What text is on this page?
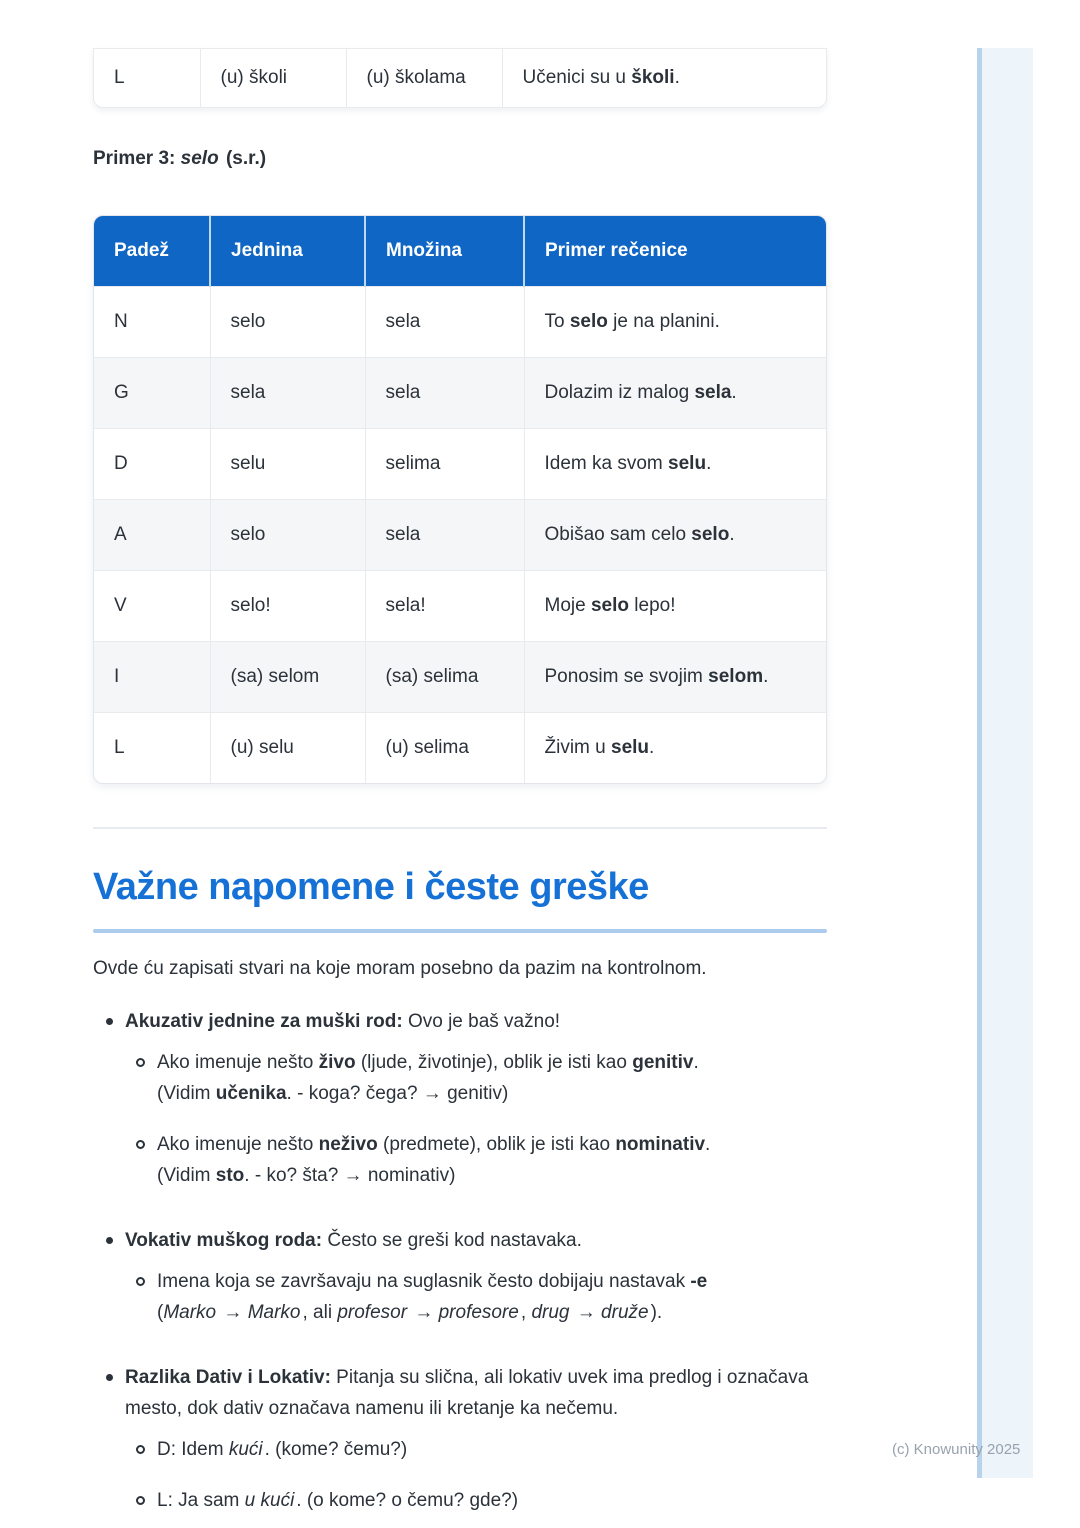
L	(u) školi	(u) školama	Učenici su u školi.
Primer 3: selo (s.r.)
Padež	Jednina	Množina	Primer rečenice
N	selo	sela	To selo je na planini.
G	sela	sela	Dolazim iz malog sela.
D	selu	selima	Idem ka svom selu.
A	selo	sela	Obišao sam celo selo.
V	selo!	sela!	Moje selo lepo!
I	(sa) selom	(sa) selima	Ponosim se svojim selom.
L	(u) selu	(u) selima	Živim u selu.
Važne napomene i česte greške
Ovde ću zapisati stvari na koje moram posebno da pazim na kontrolnom.
Akuzativ jednine za muški rod: Ovo je baš važno!
Ako imenuje nešto živo (ljude, životinje), oblik je isti kao genitiv.
(Vidim učenika. - koga? čega? → genitiv)
Ako imenuje nešto neživo (predmete), oblik je isti kao nominativ.
(Vidim sto. - ko? šta? → nominativ)
Vokativ muškog roda: Često se greši kod nastavaka.
Imena koja se završavaju na suglasnik često dobijaju nastavak -e
(Marko → Marko , ali profesor → profesore , drug → druže ).
Razlika Dativ i Lokativ: Pitanja su slična, ali lokativ uvek ima predlog i označava mesto, dok dativ označava namenu ili kretanje ka nečemu.
D: Idem kući . (kome? čemu?)
L: Ja sam u kući . (o kome? o čemu? gde?)
(c) Knowunity 2025
